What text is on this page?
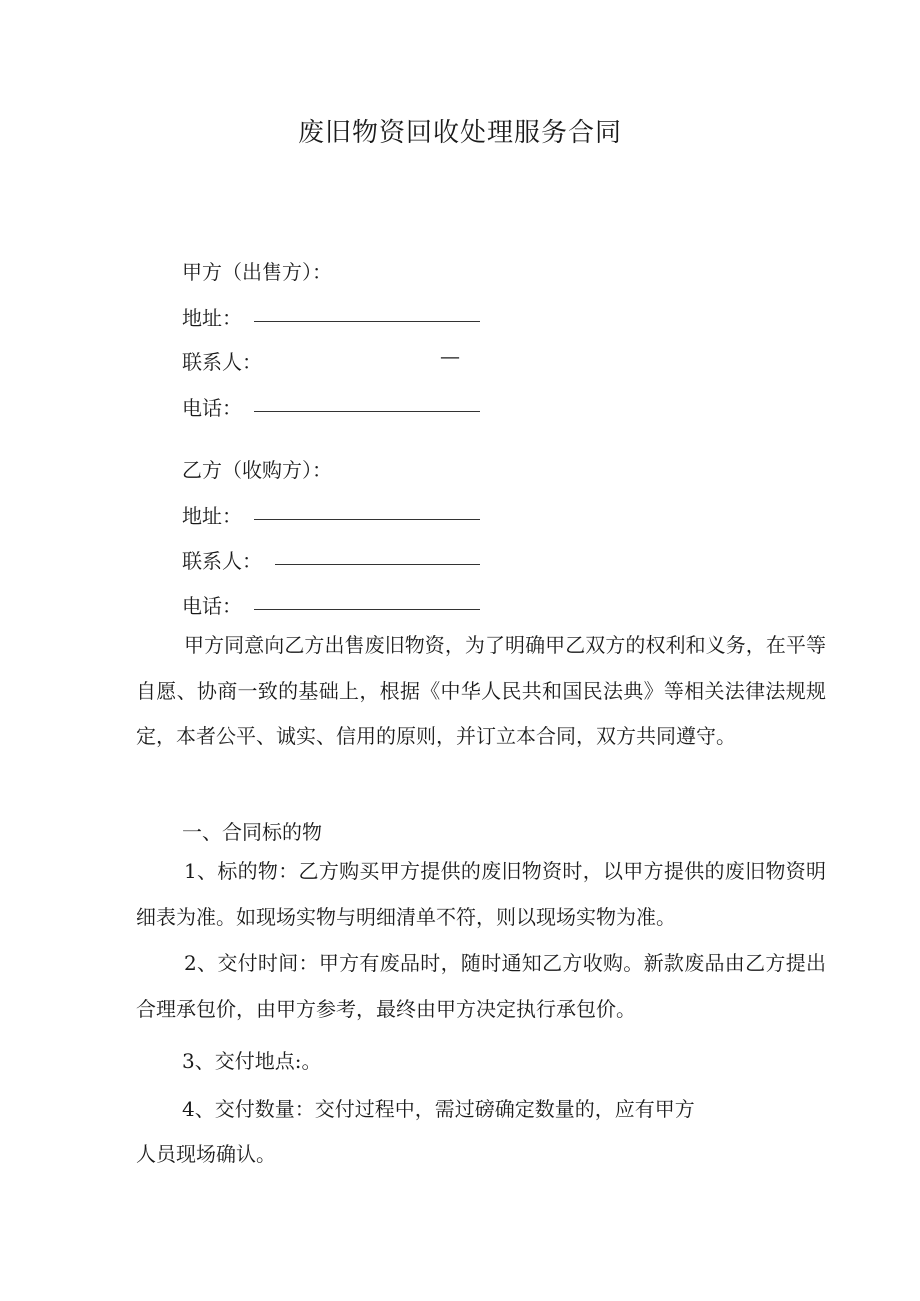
废旧物资回收处理服务合同
甲方（出售方）：
地址：
联系人：	—
电话：
乙方（收购方）：
地址：
联系人：
电话：
甲方同意向乙方出售废旧物资，为了明确甲乙双方的权利和义务，在平等自愿、协商一致的基础上，根据《中华人民共和国民法典》等相关法律法规规定，本者公平、诚实、信用的原则，并订立本合同，双方共同遵守。
一、合同标的物
1、标的物：乙方购买甲方提供的废旧物资时，以甲方提供的废旧物资明细表为准。如现场实物与明细清单不符，则以现场实物为准。
2、交付时间：甲方有废品时，随时通知乙方收购。新款废品由乙方提出合理承包价，由甲方参考，最终由甲方决定执行承包价。
3、交付地点:。
4、交付数量：交付过程中，需过磅确定数量的，应有甲方
人员现场确认。
